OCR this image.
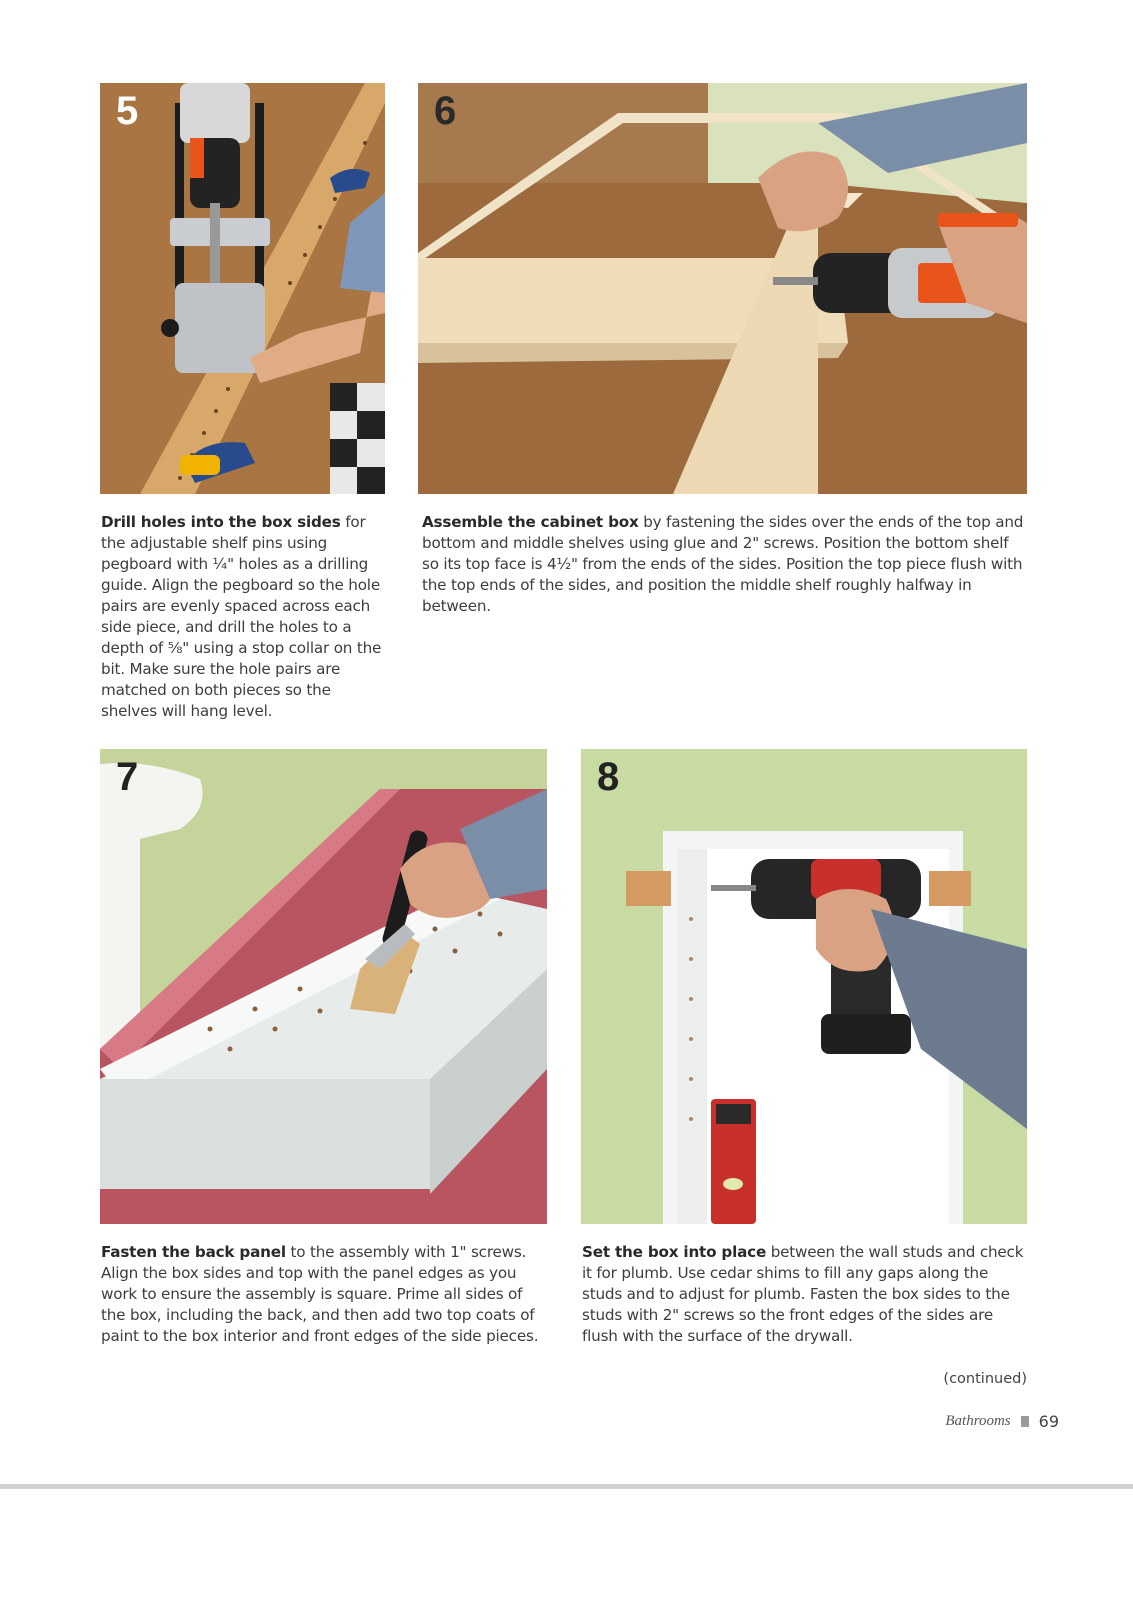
5	6

Drill holes into the box sides for the adjustable shelf pins using pegboard with ¼" holes as a drilling guide. Align the pegboard so the hole pairs are evenly spaced across each side piece, and drill the holes to a depth of ⅝" using a stop collar on the bit. Make sure the hole pairs are matched on both pieces so the shelves will hang level.

Assemble the cabinet box by fastening the sides over the ends of the top and bottom and middle shelves using glue and 2" screws. Position the bottom shelf so its top face is 4½" from the ends of the sides. Position the top piece flush with the top ends of the sides, and position the middle shelf roughly halfway in between.

7	8

Fasten the back panel to the assembly with 1" screws. Align the box sides and top with the panel edges as you work to ensure the assembly is square. Prime all sides of the box, including the back, and then add two top coats of paint to the box interior and front edges of the side pieces.

Set the box into place between the wall studs and check it for plumb. Use cedar shims to fill any gaps along the studs and to adjust for plumb. Fasten the box sides to the studs with 2" screws so the front edges of the sides are flush with the surface of the drywall.

(continued)
Bathrooms 69
